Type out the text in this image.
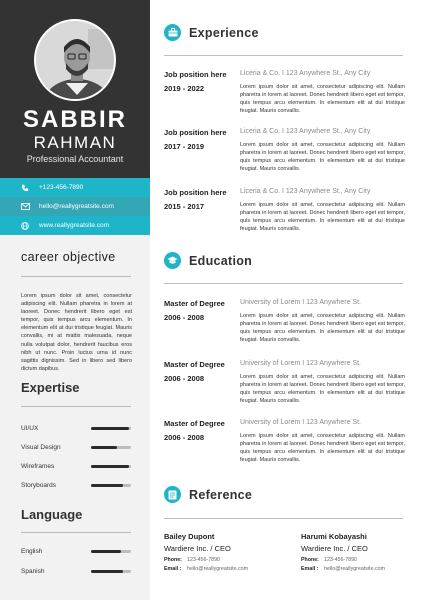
SABBIR
RAHMAN
Professional Accountant
+123-456-7890
hello@reallygreatsite.com
www.reallygreatsite.com
career objective
Lorem ipsum dolor sit amet, consectetur adipiscing elit. Nullam pharetra in lorem at laoreet. Donec hendrerit libero eget est tempor, quis tempus arcu elementum. In elementum elit at dui tristique feugiat. Mauris convallis, mi at mattis malesuada, neque nulla volutpat dolor, hendrerit faucibus eros nibh ut nunc. Proin luctus urna id nunc sagittis dignissim. Sed in libero sed libero dictum dapibus.
Expertise
UI/UX
Visual Design
Wireframes
Storyboards
Language
English
Spanish
Experience
Job position here
2019 - 2022
Liceria & Co. I 123 Anywhere St., Any City
Lorem ipsum dolor sit amet, consectetur adipiscing elit. Nullam pharetra in lorem at laoreet. Donec hendrerit libero eget est tempor, quis tempus arcu elementum. In elementum elit at dui tristique feugiat. Mauris convallis.
Job position here
2017 - 2019
Liceria & Co. I 123 Anywhere St., Any City
Lorem ipsum dolor sit amet, consectetur adipiscing elit. Nullam pharetra in lorem at laoreet. Donec hendrerit libero eget est tempor, quis tempus arcu elementum. In elementum elit at dui tristique feugiat. Mauris convallis.
Job position here
2015 - 2017
Liceria & Co. I 123 Anywhere St., Any City
Lorem ipsum dolor sit amet, consectetur adipiscing elit. Nullam pharetra in lorem at laoreet. Donec hendrerit libero eget est tempor, quis tempus arcu elementum. In elementum elit at dui tristique feugiat. Mauris convallis.
Education
Master of Degree
2006 - 2008
University of Lorem I 123 Anywhere St.
Lorem ipsum dolor sit amet, consectetur adipiscing elit. Nullam pharetra in lorem at laoreet. Donec hendrerit libero eget est tempor, quis tempus arcu elementum. In elementum elit at dui tristique feugiat. Mauris convallis.
Master of Degree
2006 - 2008
University of Lorem I 123 Anywhere St.
Lorem ipsum dolor sit amet, consectetur adipiscing elit. Nullam pharetra in lorem at laoreet. Donec hendrerit libero eget est tempor, quis tempus arcu elementum. In elementum elit at dui tristique feugiat. Mauris convallis.
Master of Degree
2006 - 2008
University of Lorem I 123 Anywhere St.
Lorem ipsum dolor sit amet, consectetur adipiscing elit. Nullam pharetra in lorem at laoreet. Donec hendrerit libero eget est tempor, quis tempus arcu elementum. In elementum elit at dui tristique feugiat. Mauris convallis.
Reference
Bailey Dupont
Wardiere Inc. / CEO
Phone: 123-456-7890
Email :	hello@reallygreatsite.com
Harumi Kobayashi
Wardiere Inc. / CEO
Phone: 123-456-7890
Email :	hello@reallygreatsite.com
